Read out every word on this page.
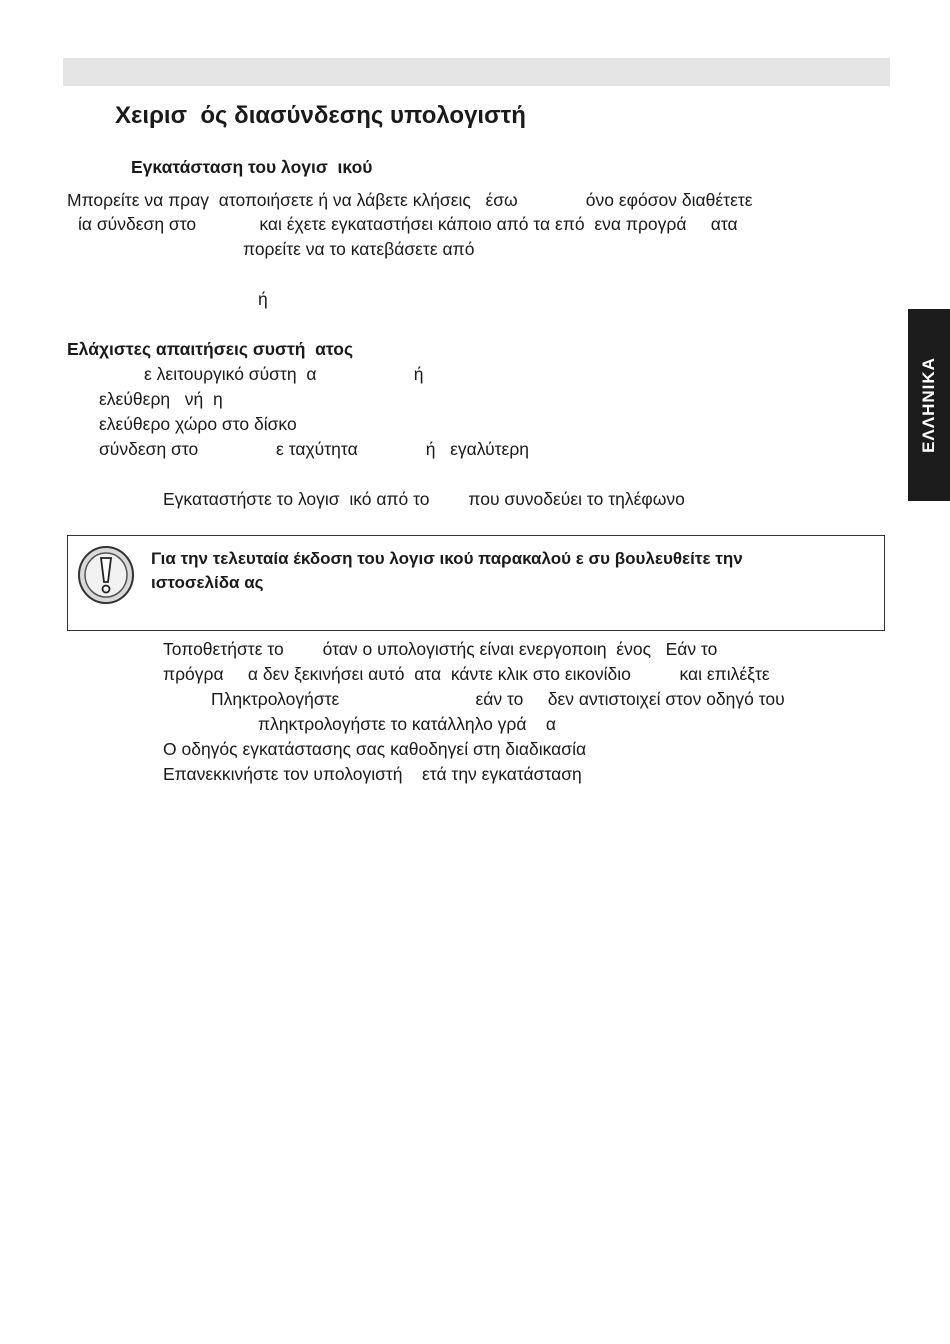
Χειρισ  ός διασύνδεσης υπολογιστή
Εγκατάσταση του λογισ  ικού
Μπορείτε να πραγ  ατοποιήσετε ή να λάβετε κλήσεις   έσω              όνο εφόσον διαθέτετε
ία σύνδεση στο             και έχετε εγκαταστήσει κάποιο από τα επό  ενα προγρά     ατα
πορείτε να το κατεβάσετε από
ή
Ελάχιστες απαιτήσεις συστή  ατος
ε λειτουργικό σύστη  α                    ή
ελεύθερη   νή  η
ελεύθερο χώρο στο δίσκο
σύνδεση στο                ε ταχύτητα              ή   εγαλύτερη
Εγκαταστήστε το λογισ  ικό από το        που συνοδεύει το τηλέφωνο
Για την τελευταία έκδοση του λογισ ικού παρακαλού ε συ βουλευθείτε την
ιστοσελίδα ας
Τοποθετήστε το        όταν ο υπολογιστής είναι ενεργοποιη  ένος   Εάν το
πρόγρα     α δεν ξεκινήσει αυτό  ατα  κάντε κλικ στο εικονίδιο          και επιλέξτε
Πληκτρολογήστε                            εάν το     δεν αντιστοιχεί στον οδηγό του
πληκτρολογήστε το κατάλληλο γρά    α
Ο οδηγός εγκατάστασης σας καθοδηγεί στη διαδικασία
Επανεκκινήστε τον υπολογιστή    ετά την εγκατάσταση
ΕΛΛΗΝΙΚΑ
